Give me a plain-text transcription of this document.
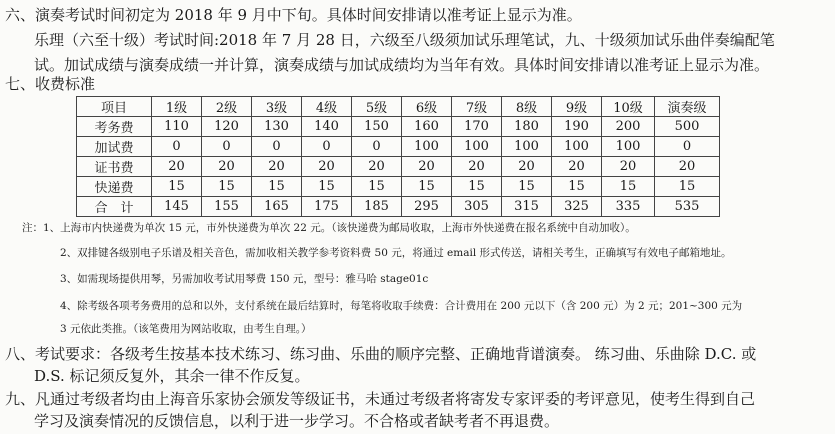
六、演奏考试时间初定为 2018 年 9 月中下旬。具体时间安排请以准考证上显示为准。
乐理（六至十级）考试时间:2018 年 7 月 28 日，六级至八级须加试乐理笔试，九、十级须加试乐曲伴奏编配笔
试。加试成绩与演奏成绩一并计算，演奏成绩与加试成绩均为当年有效。具体时间安排请以准考证上显示为准。
七、收费标准
项目	1级	2级	3级	4级	5级	6级	7级	8级	9级	10级	演奏级
考务费	110	120	130	140	150	160	170	180	190	200	500
加试费	0	0	0	0	0	100	100	100	100	100	0
证书费	20	20	20	20	20	20	20	20	20	20	20
快递费	15	15	15	15	15	15	15	15	15	15	15
合　计	145	155	165	175	185	295	305	315	325	335	535
注：1、上海市内快递费为单次 15 元，市外快递费为单次 22 元。（该快递费为邮局收取，上海市外快递费在报名系统中自动加收）。
2、双排键各级别电子乐谱及相关音色，需加收相关教学参考资料费 50 元，将通过 email 形式传送，请相关考生，正确填写有效电子邮箱地址。
3、如需现场提供用琴，另需加收考试用琴费 150 元，型号：雅马哈 stage01c
4、除考级各项考务费用的总和以外，支付系统在最后结算时，每笔将收取手续费：合计费用在 200 元以下（含 200 元）为 2 元；201~300 元为
3 元依此类推。（该笔费用为网站收取，由考生自理。）
八、考试要求：各级考生按基本技术练习、练习曲、乐曲的顺序完整、正确地背谱演奏。 练习曲、乐曲除 D.C. 或
D.S. 标记须反复外，其余一律不作反复。
九、凡通过考级者均由上海音乐家协会颁发等级证书，未通过考级者将寄发专家评委的考评意见，使考生得到自己
学习及演奏情况的反馈信息，以利于进一步学习。不合格或者缺考者不再退费。
